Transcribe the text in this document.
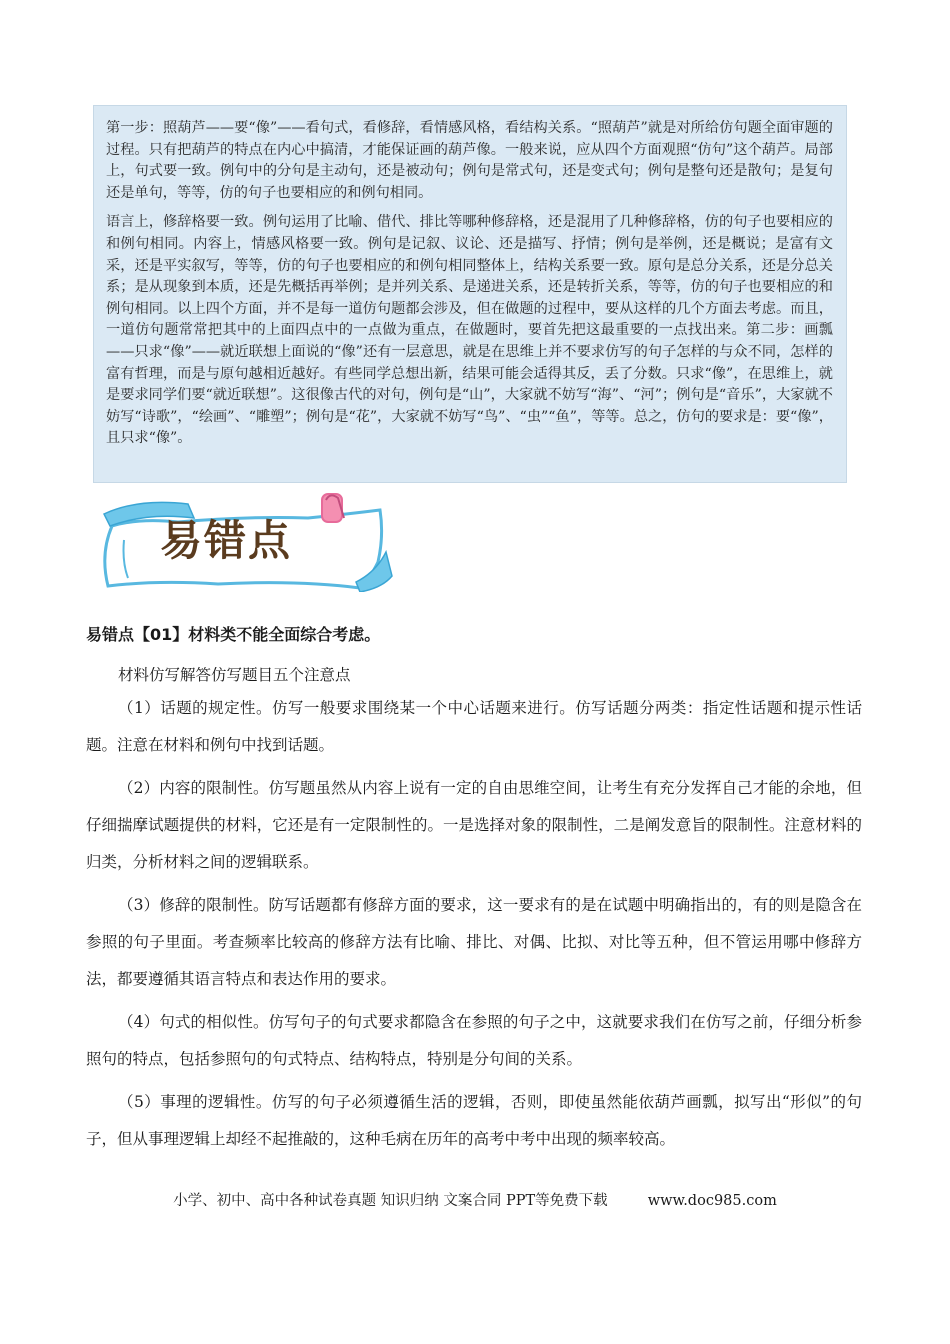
第一步：照葫芦——要“像”——看句式，看修辞，看情感风格，看结构关系。“照葫芦”就是对所给仿句题全面审题的过程。只有把葫芦的特点在内心中搞清，才能保证画的葫芦像。一般来说，应从四个方面观照“仿句”这个葫芦。局部上，句式要一致。例句中的分句是主动句，还是被动句；例句是常式句，还是变式句；例句是整句还是散句；是复句还是单句，等等，仿的句子也要相应的和例句相同。

语言上，修辞格要一致。例句运用了比喻、借代、排比等哪种修辞格，还是混用了几种修辞格，仿的句子也要相应的和例句相同。内容上，情感风格要一致。例句是记叙、议论、还是描写、抒情；例句是举例，还是概说；是富有文采，还是平实叙写，等等，仿的句子也要相应的和例句相同整体上，结构关系要一致。原句是总分关系，还是分总关系；是从现象到本质，还是先概括再举例；是并列关系、是递进关系，还是转折关系，等等，仿的句子也要相应的和例句相同。以上四个方面，并不是每一道仿句题都会涉及，但在做题的过程中，要从这样的几个方面去考虑。而且，一道仿句题常常把其中的上面四点中的一点做为重点，在做题时，要首先把这最重要的一点找出来。第二步：画瓢——只求“像”——就近联想上面说的“像”还有一层意思，就是在思维上并不要求仿写的句子怎样的与众不同，怎样的富有哲理，而是与原句越相近越好。有些同学总想出新，结果可能会适得其反，丢了分数。只求“像”，在思维上，就是要求同学们要“就近联想”。这很像古代的对句，例句是“山”，大家就不妨写“海”、“河”；例句是“音乐”，大家就不妨写“诗歌”，“绘画”、“雕塑”；例句是“花”，大家就不妨写“鸟”、“虫”“鱼”，等等。总之，仿句的要求是：要“像”，且只求“像”。

易错点
易错点【01】材料类不能全面综合考虑。
材料仿写解答仿写题目五个注意点

（1）话题的规定性。仿写一般要求围绕某一个中心话题来进行。仿写话题分两类：指定性话题和提示性话题。注意在材料和例句中找到话题。

（2）内容的限制性。仿写题虽然从内容上说有一定的自由思维空间，让考生有充分发挥自己才能的余地，但仔细揣摩试题提供的材料，它还是有一定限制性的。一是选择对象的限制性，二是阐发意旨的限制性。注意材料的归类，分析材料之间的逻辑联系。

（3）修辞的限制性。防写话题都有修辞方面的要求，这一要求有的是在试题中明确指出的，有的则是隐含在参照的句子里面。考查频率比较高的修辞方法有比喻、排比、对偶、比拟、对比等五种，但不管运用哪中修辞方法，都要遵循其语言特点和表达作用的要求。

（4）句式的相似性。仿写句子的句式要求都隐含在参照的句子之中，这就要求我们在仿写之前，仔细分析参照句的特点，包括参照句的句式特点、结构特点，特别是分句间的关系。

（5）事理的逻辑性。仿写的句子必须遵循生活的逻辑，否则，即使虽然能依葫芦画瓢，拟写出“形似”的句子，但从事理逻辑上却经不起推敲的，这种毛病在历年的高考中考中出现的频率较高。

小学、初中、高中各种试卷真题 知识归纳 文案合同 PPT等免费下载	www.doc985.com
